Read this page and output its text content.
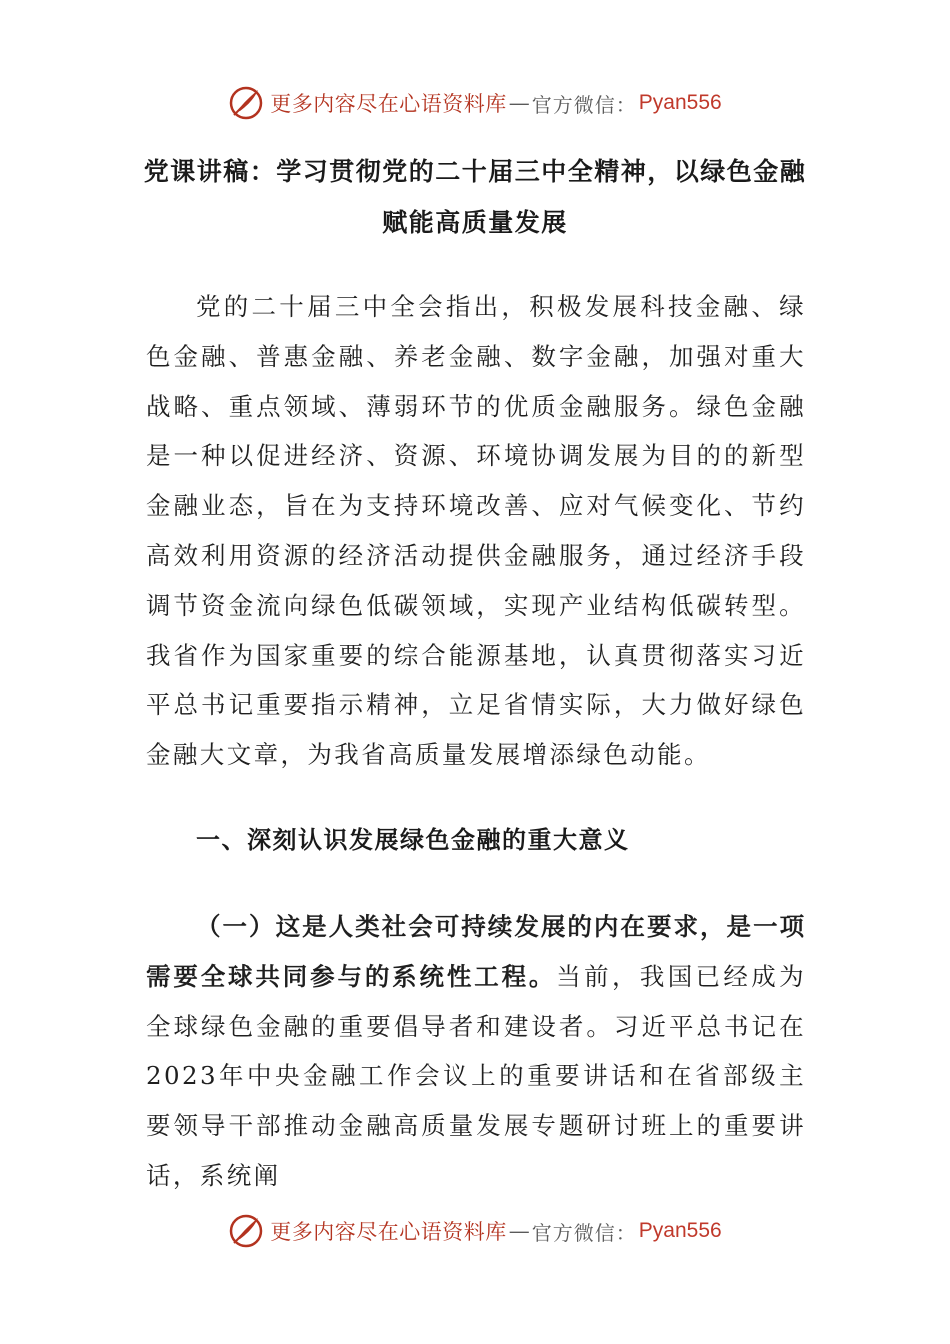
更多内容尽在心语资料库 — 官方微信： Pyan556
党课讲稿：学习贯彻党的二十届三中全精神，以绿色金融
赋能高质量发展

党的二十届三中全会指出，积极发展科技金融、绿色金融、普惠金融、养老金融、数字金融，加强对重大战略、重点领域、薄弱环节的优质金融服务。绿色金融是一种以促进经济、资源、环境协调发展为目的的新型金融业态，旨在为支持环境改善、应对气候变化、节约高效利用资源的经济活动提供金融服务，通过经济手段调节资金流向绿色低碳领域，实现产业结构低碳转型。我省作为国家重要的综合能源基地，认真贯彻落实习近平总书记重要指示精神，立足省情实际，大力做好绿色金融大文章，为我省高质量发展增添绿色动能。

一、深刻认识发展绿色金融的重大意义

（一）这是人类社会可持续发展的内在要求，是一项需要全球共同参与的系统性工程。当前，我国已经成为全球绿色金融的重要倡导者和建设者。习近平总书记在2023年中央金融工作会议上的重要讲话和在省部级主要领导干部推动金融高质量发展专题研讨班上的重要讲话，系统阐

更多内容尽在心语资料库 — 官方微信： Pyan556
